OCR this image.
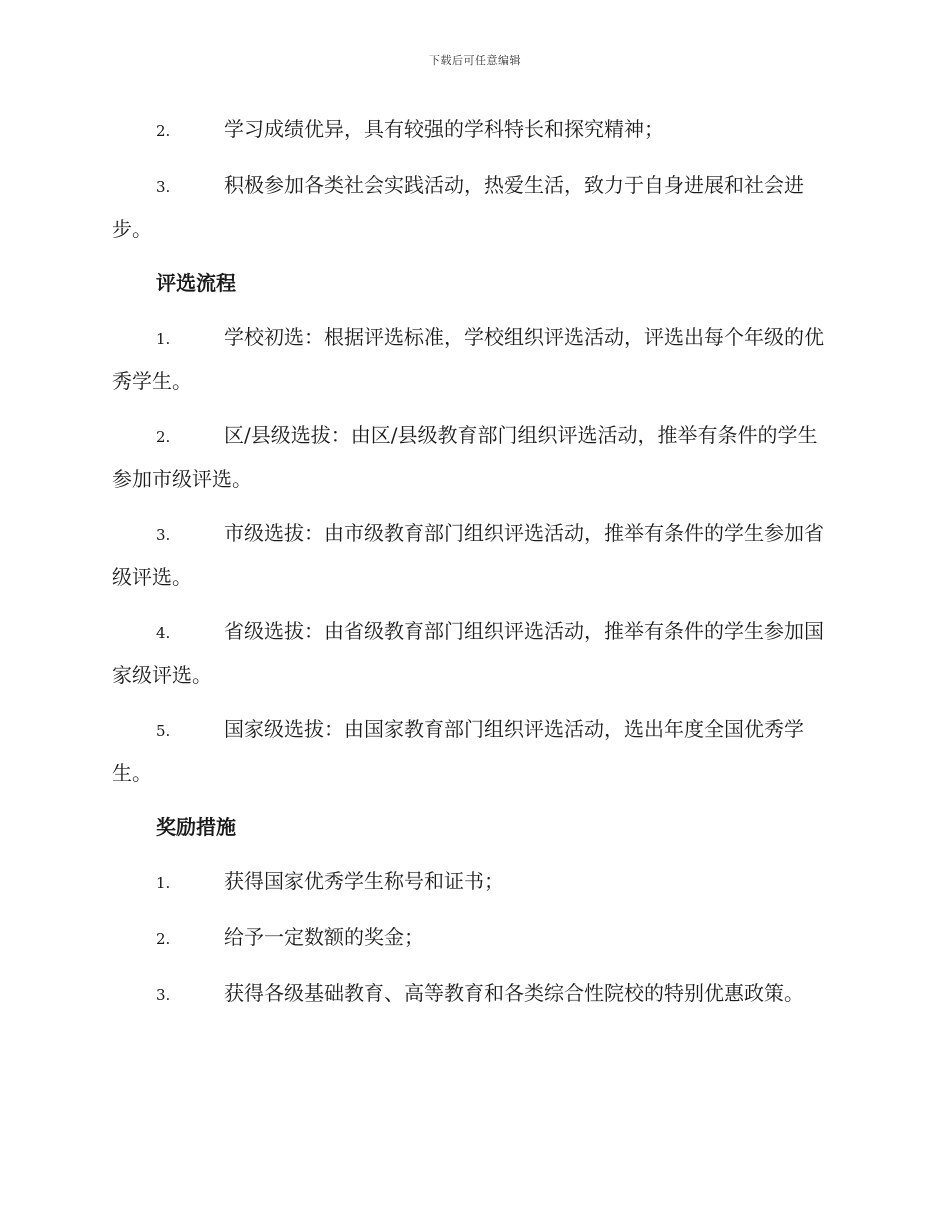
下载后可任意编辑

2.	学习成绩优异，具有较强的学科特长和探究精神；

3.	积极参加各类社会实践活动，热爱生活，致力于自身进展和社会进步。

评选流程

1.	学校初选：根据评选标准，学校组织评选活动，评选出每个年级的优秀学生。

2.	区/县级选拔：由区/县级教育部门组织评选活动，推举有条件的学生参加市级评选。

3.	市级选拔：由市级教育部门组织评选活动，推举有条件的学生参加省级评选。

4.	省级选拔：由省级教育部门组织评选活动，推举有条件的学生参加国家级评选。

5.	国家级选拔：由国家教育部门组织评选活动，选出年度全国优秀学生。

奖励措施

1.	获得国家优秀学生称号和证书；

2.	给予一定数额的奖金；

3.	获得各级基础教育、高等教育和各类综合性院校的特别优惠政策。
